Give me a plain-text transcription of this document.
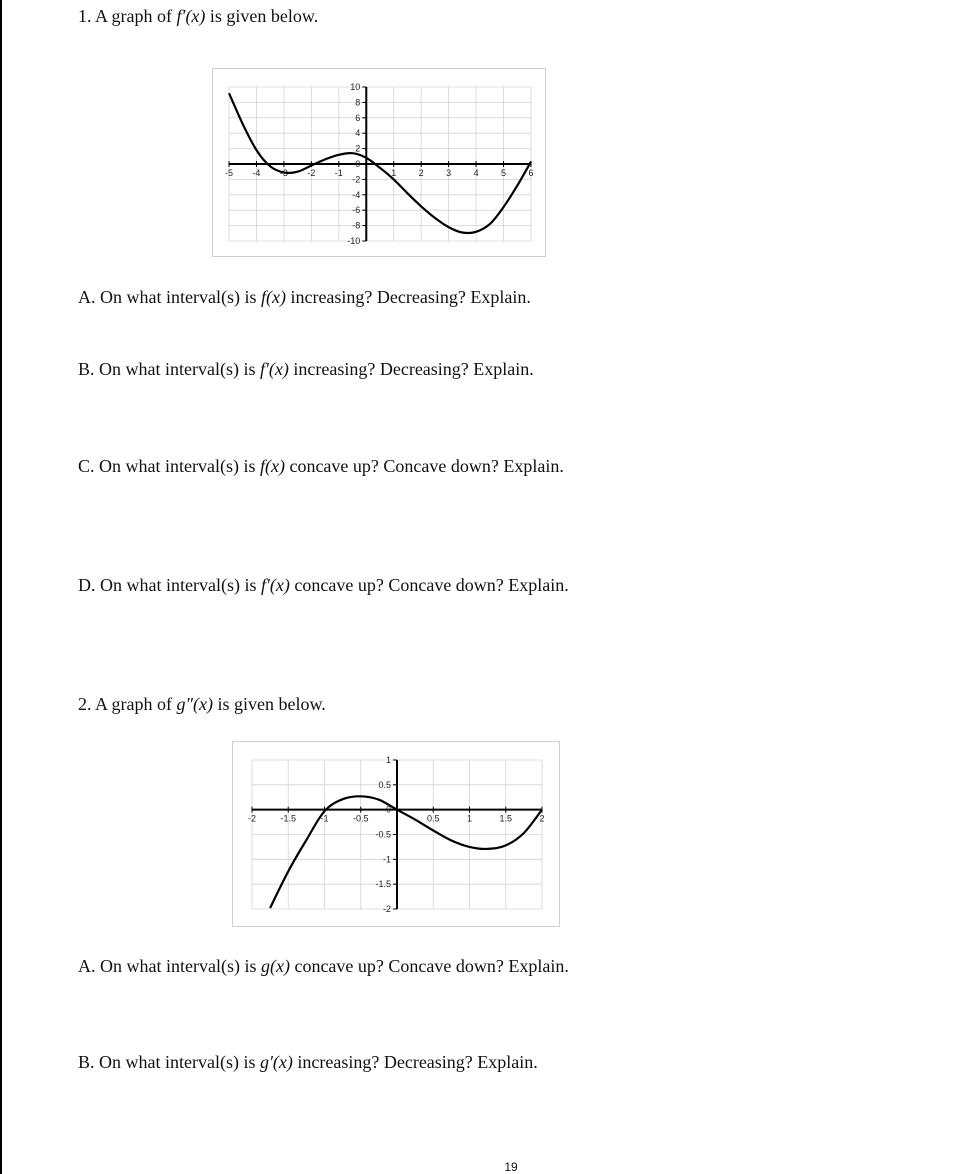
1. A graph of f′(x) is given below.
-5 -4 -3 -2 -1	1 2 3 4 5 6
10
8
6
4
2
0
-2
-4
-6
-8
-10
A. On what interval(s) is f(x) increasing? Decreasing? Explain.
B. On what interval(s) is f′(x) increasing? Decreasing? Explain.
C. On what interval(s) is f(x) concave up? Concave down? Explain.
D. On what interval(s) is f′(x) concave up? Concave down? Explain.
2. A graph of g″(x) is given below.
-2	-1.5	-1	-0.5	0.5	1	1.5	2
1
0.5
0
-0.5
-1
-1.5
-2
A. On what interval(s) is g(x) concave up? Concave down? Explain.
B. On what interval(s) is g′(x) increasing? Decreasing? Explain.
19
